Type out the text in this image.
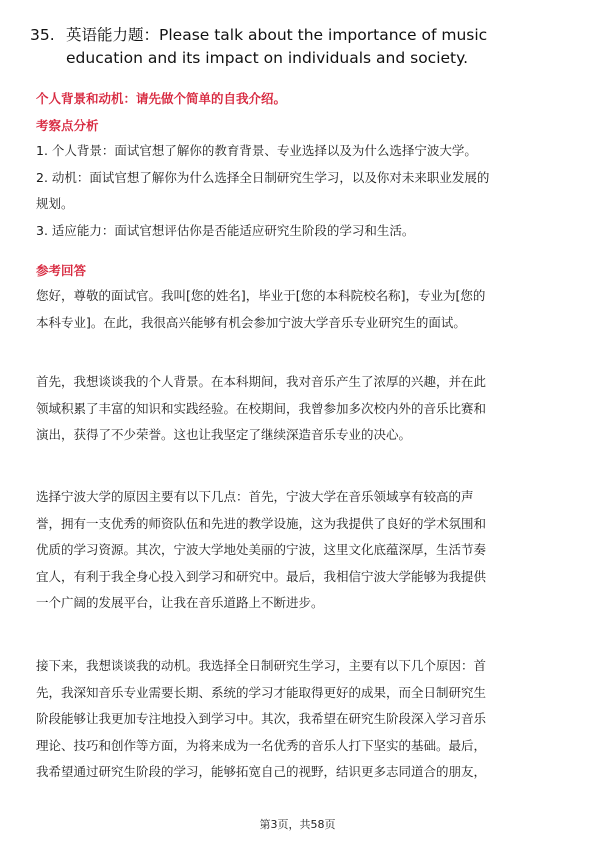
35. 英语能力题：Please talk about the importance of music
education and its impact on individuals and society.
个人背景和动机：请先做个简单的自我介绍。
考察点分析
1. 个人背景：面试官想了解你的教育背景、专业选择以及为什么选择宁波大学。
2. 动机：面试官想了解你为什么选择全日制研究生学习，以及你对未来职业发展的
规划。
3. 适应能力：面试官想评估你是否能适应研究生阶段的学习和生活。
参考回答
您好，尊敬的面试官。我叫[您的姓名]，毕业于[您的本科院校名称]，专业为[您的
本科专业]。在此，我很高兴能够有机会参加宁波大学音乐专业研究生的面试。
首先，我想谈谈我的个人背景。在本科期间，我对音乐产生了浓厚的兴趣，并在此
领域积累了丰富的知识和实践经验。在校期间，我曾参加多次校内外的音乐比赛和
演出，获得了不少荣誉。这也让我坚定了继续深造音乐专业的决心。
选择宁波大学的原因主要有以下几点：首先，宁波大学在音乐领域享有较高的声
誉，拥有一支优秀的师资队伍和先进的教学设施，这为我提供了良好的学术氛围和
优质的学习资源。其次，宁波大学地处美丽的宁波，这里文化底蕴深厚，生活节奏
宜人，有利于我全身心投入到学习和研究中。最后，我相信宁波大学能够为我提供
一个广阔的发展平台，让我在音乐道路上不断进步。
接下来，我想谈谈我的动机。我选择全日制研究生学习，主要有以下几个原因：首
先，我深知音乐专业需要长期、系统的学习才能取得更好的成果，而全日制研究生
阶段能够让我更加专注地投入到学习中。其次，我希望在研究生阶段深入学习音乐
理论、技巧和创作等方面，为将来成为一名优秀的音乐人打下坚实的基础。最后，
我希望通过研究生阶段的学习，能够拓宽自己的视野，结识更多志同道合的朋友，
第3页，共58页
